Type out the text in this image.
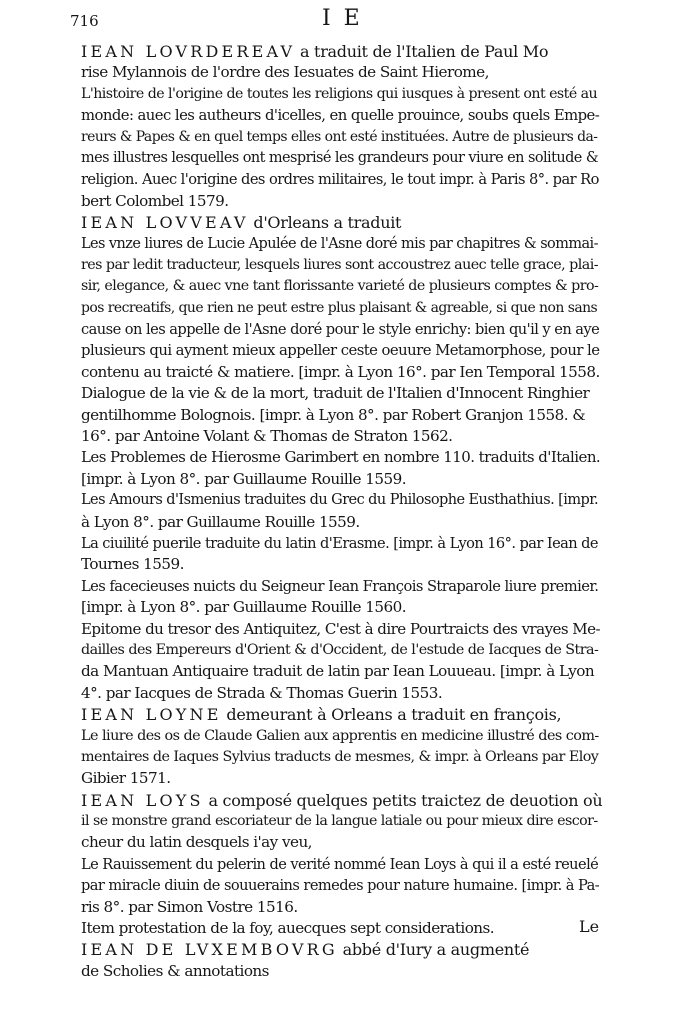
716	I E
IEAN LOVRDEREAV a traduit de l'Italien de Paul Mo
rise Mylannois de l'ordre des Iesuates de Saint Hierome,
L'histoire de l'origine de toutes les religions qui iusques à present ont esté au
monde: auec les autheurs d'icelles, en quelle prouince, soubs quels Empe-
reurs & Papes & en quel temps elles ont esté instituées. Autre de plusieurs da-
mes illustres lesquelles ont mesprisé les grandeurs pour viure en solitude &
religion. Auec l'origine des ordres militaires, le tout impr. à Paris 8°. par Ro
bert Colombel 1579.
IEAN LOVVEAV d'Orleans a traduit
Les vnze liures de Lucie Apulée de l'Asne doré mis par chapitres & sommai-
res par ledit traducteur, lesquels liures sont accoustrez auec telle grace, plai-
sir, elegance, & auec vne tant florissante varieté de plusieurs comptes & pro-
pos recreatifs, que rien ne peut estre plus plaisant & agreable, si que non sans
cause on les appelle de l'Asne doré pour le style enrichy: bien qu'il y en aye
plusieurs qui ayment mieux appeller ceste oeuure Metamorphose, pour le
contenu au traicté & matiere. [impr. à Lyon 16°. par Ien Temporal 1558.
Dialogue de la vie & de la mort, traduit de l'Italien d'Innocent Ringhier
gentilhomme Bolognois. [impr. à Lyon 8°. par Robert Granjon 1558. &
16°. par Antoine Volant & Thomas de Straton 1562.
Les Problemes de Hierosme Garimbert en nombre 110. traduits d'Italien.
[impr. à Lyon 8°. par Guillaume Rouille 1559.
Les Amours d'Ismenius traduites du Grec du Philosophe Eusthathius. [impr.
à Lyon 8°. par Guillaume Rouille 1559.
La ciuilité puerile traduite du latin d'Erasme. [impr. à Lyon 16°. par Iean de
Tournes 1559.
Les facecieuses nuicts du Seigneur Iean François Straparole liure premier.
[impr. à Lyon 8°. par Guillaume Rouille 1560.
Epitome du tresor des Antiquitez, C'est à dire Pourtraicts des vrayes Me-
dailles des Empereurs d'Orient & d'Occident, de l'estude de Iacques de Stra-
da Mantuan Antiquaire traduit de latin par Iean Louueau. [impr. à Lyon
4°. par Iacques de Strada & Thomas Guerin 1553.
IEAN LOYNE demeurant à Orleans a traduit en françois,
Le liure des os de Claude Galien aux apprentis en medicine illustré des com-
mentaires de Iaques Sylvius traducts de mesmes, & impr. à Orleans par Eloy
Gibier 1571.
IEAN LOYS a composé quelques petits traictez de deuotion où
il se monstre grand escoriateur de la langue latiale ou pour mieux dire escor-
cheur du latin desquels i'ay veu,
Le Rauissement du pelerin de verité nommé Iean Loys à qui il a esté reuelé
par miracle diuin de souuerains remedes pour nature humaine. [impr. à Pa-
ris 8°. par Simon Vostre 1516.
Item protestation de la foy, auecques sept considerations.
IEAN DE LVXEMBOVRG abbé d'Iury a augmenté
de Scholies & annotations
Le
